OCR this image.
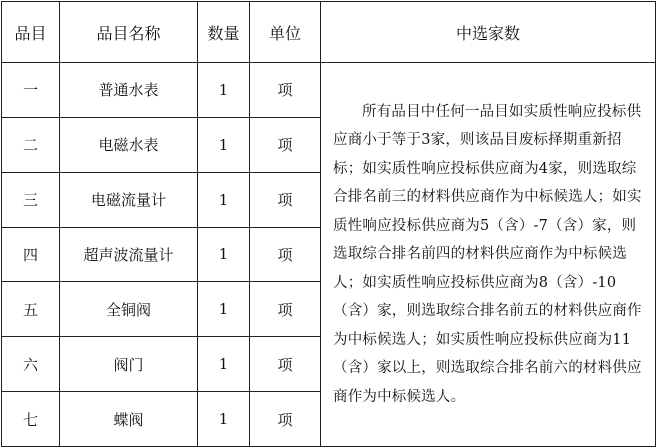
品目	品目名称	数量	单位	中选家数
一	普通水表	1	项	所有品目中任何一品目如实质性响应投标供应商小于等于3家，则该品目废标择期重新招标；如实质性响应投标供应商为4家，则选取综合排名前三的材料供应商作为中标候选人；如实质性响应投标供应商为5（含）-7（含）家，则选取综合排名前四的材料供应商作为中标候选人；如实质性响应投标供应商为8（含）-10（含）家，则选取综合排名前五的材料供应商作为中标候选人；如实质性响应投标供应商为11（含）家以上，则选取综合排名前六的材料供应商作为中标候选人。
二	电磁水表	1	项	
三	电磁流量计	1	项	
四	超声波流量计	1	项	
五	全铜阀	1	项	
六	阀门	1	项	
七	蝶阀	1	项	
